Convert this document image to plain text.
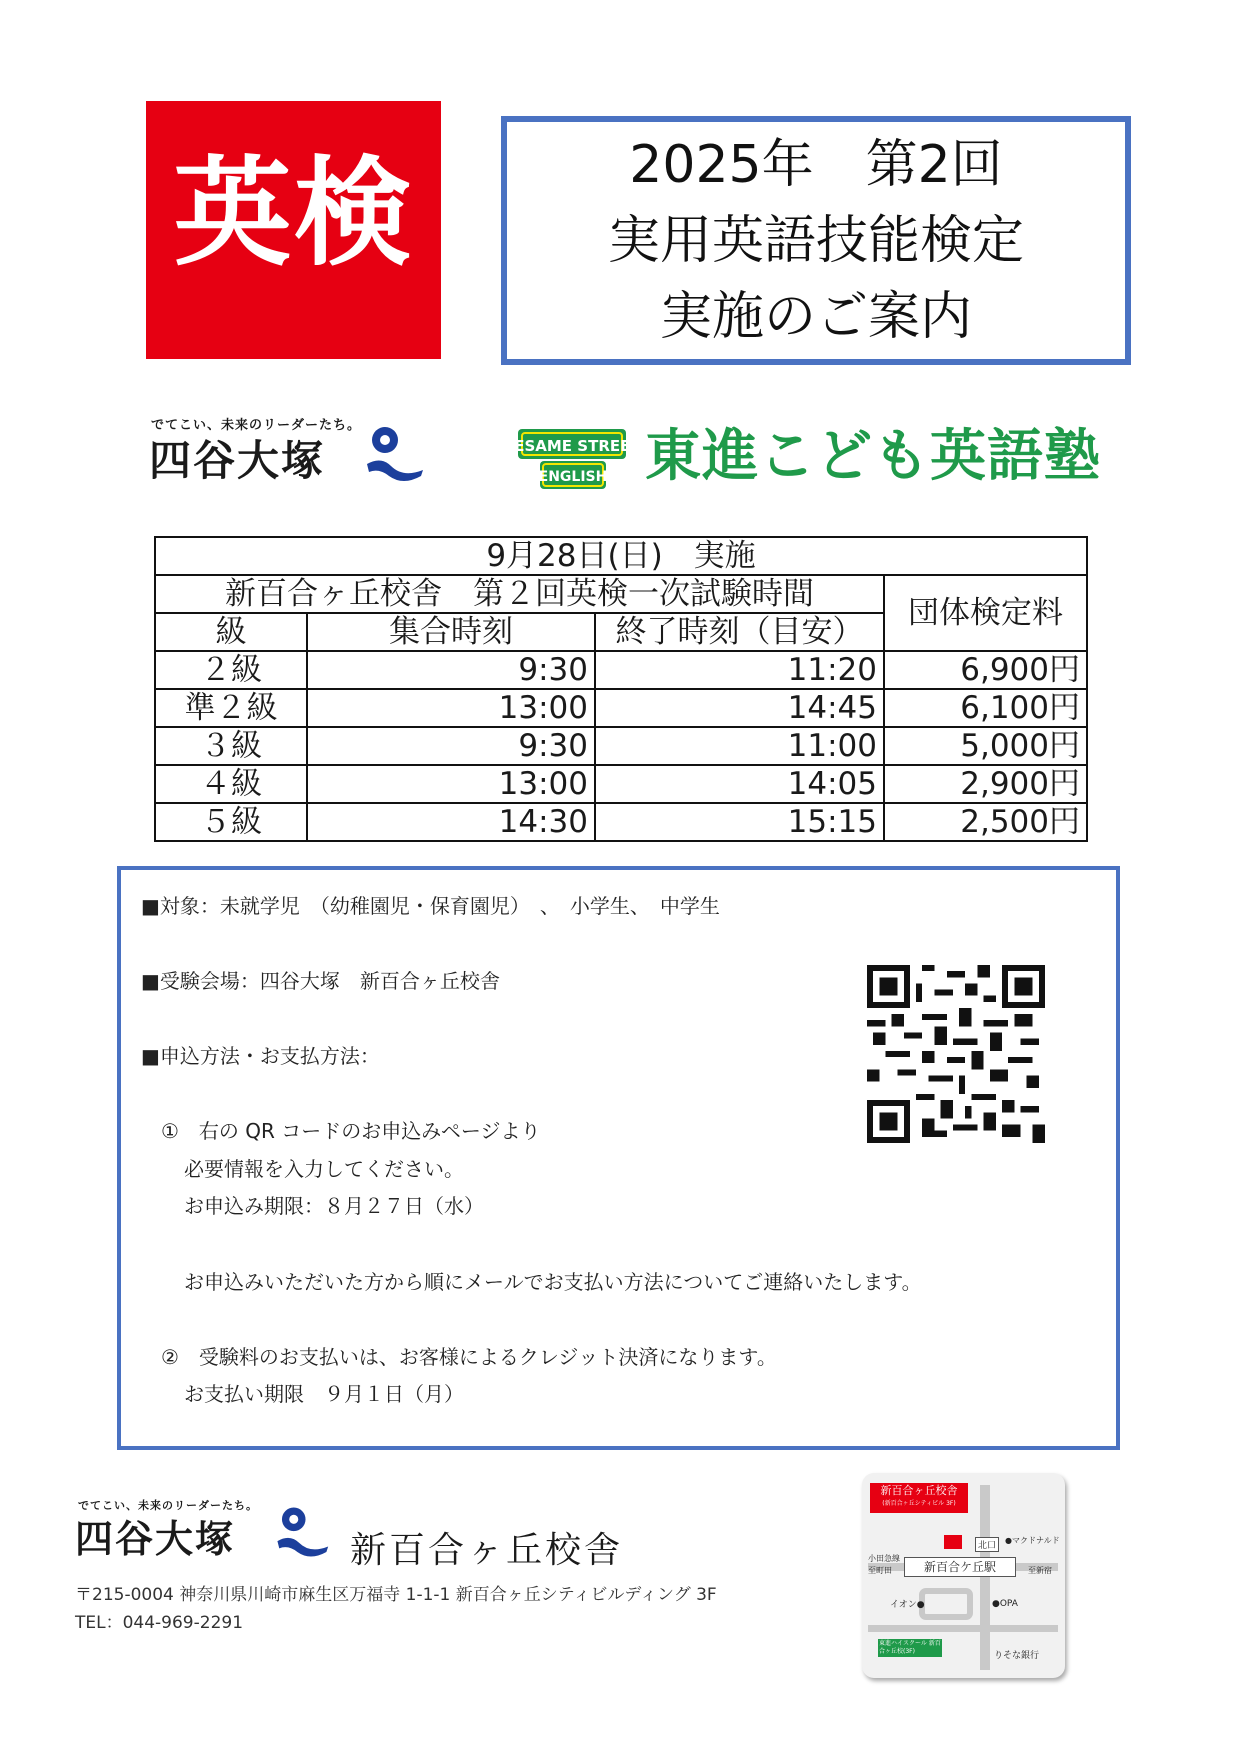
英検	2025年　第2回
実用英語技能検定
実施のご案内
でてこい、未来のリーダーたち。
四谷大塚	SESAME STREET
ENGLISH 東進こども英語塾
9月28日(日)　実施			
新百合ヶ丘校舎　第２回英検一次試験時間			団体検定料
級	集合時刻	終了時刻（目安）	
２級	9:30	11:20	6,900円
準２級	13:00	14:45	6,100円
３級	9:30	11:00	5,000円
４級	13:00	14:05	2,900円
５級	14:30	15:15	2,500円
■対象：未就学児　（幼稚園児・保育園児）　、　小学生、　中学生
■受験会場：四谷大塚　新百合ヶ丘校舎
■申込方法・お支払方法：
①　右の QR コードのお申込みページより
必要情報を入力してください。
お申込み期限：８月２７日（水）
お申込みいただいた方から順にメールでお支払い方法についてご連絡いたします。
②　受験料のお支払いは、お客様によるクレジット決済になります。
お支払い期限　９月１日（月）
でてこい、未来のリーダーたち。
四谷大塚	新百合ヶ丘校舎
〒215-0004 神奈川県川崎市麻生区万福寺 1-1-1 新百合ヶ丘シティビルディング 3F
TEL：044-969-2291
新百合ヶ丘校舎
(新百合ヶ丘シティビル 3F)
北口
●マクドナルド
小田急線
至町田	新百合ケ丘駅	至新宿
イオン●	●OPA
東進ハイスクール 新百合ヶ丘校(3F)	りそな銀行
